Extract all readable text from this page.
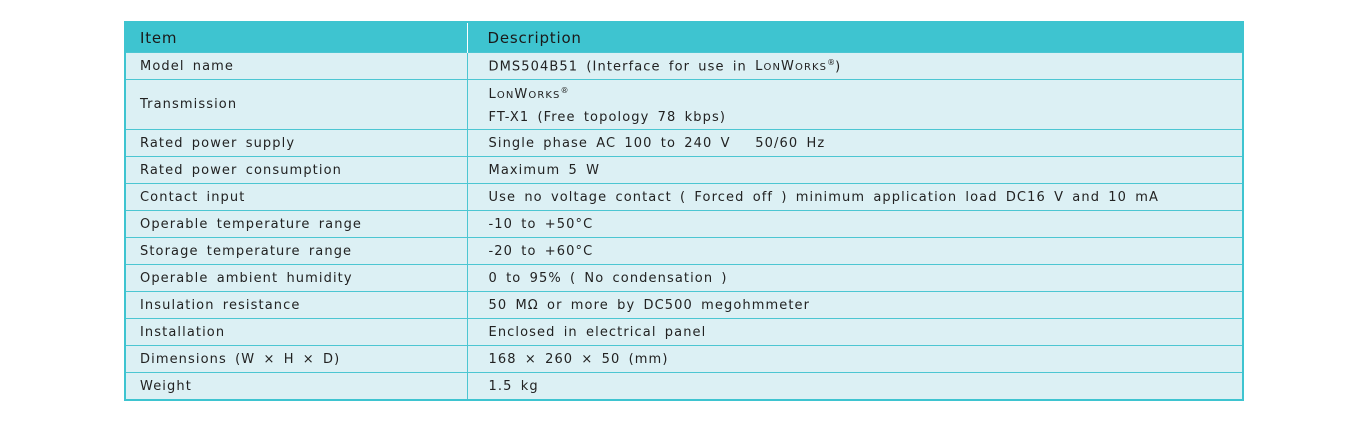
Item	Description
Model name	DMS504B51 (Interface for use in LONWORKS®)
Transmission	LONWORKS®
FT-X1 (Free topology 78 kbps)
Rated power supply	Single phase AC 100 to 240 V   50/60 Hz
Rated power consumption	Maximum 5 W
Contact input	Use no voltage contact ( Forced off ) minimum application load DC16 V and 10 mA
Operable temperature range	-10 to +50°C
Storage temperature range	-20 to +60°C
Operable ambient humidity	0 to 95% ( No condensation )
Insulation resistance	50 MΩ or more by DC500 megohmmeter
Installation	Enclosed in electrical panel
Dimensions (W × H × D)	168 × 260 × 50 (mm)
Weight	1.5 kg
